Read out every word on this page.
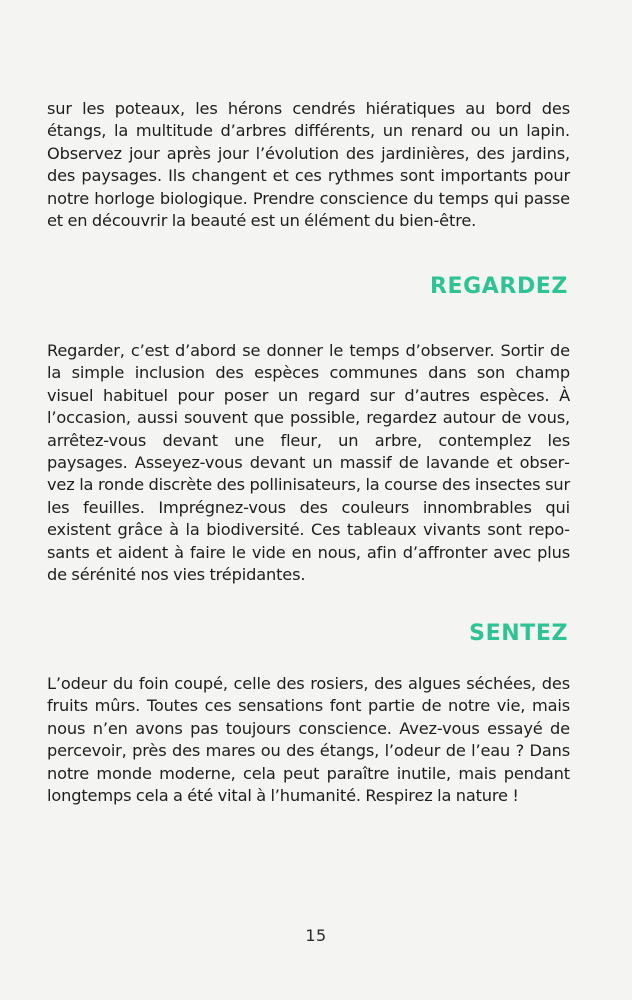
sur les poteaux, les hérons cendrés hiératiques au bord des étangs, la multitude d’arbres différents, un renard ou un lapin. Observez jour après jour l’évolution des jardinières, des jardins, des paysages. Ils changent et ces rythmes sont importants pour notre horloge biologique. Prendre conscience du temps qui passe et en découvrir la beauté est un élément du bien-être.

REGARDEZ

Regarder, c’est d’abord se donner le temps d’observer. Sortir de la simple inclusion des espèces communes dans son champ visuel habituel pour poser un regard sur d’autres espèces. À l’occasion, aussi souvent que possible, regardez autour de vous, arrêtez-vous devant une fleur, un arbre, contemplez les paysages. Asseyez-vous devant un massif de lavande et observez la ronde discrète des pollinisateurs, la course des insectes sur les feuilles. Imprégnez-vous des couleurs innombrables qui existent grâce à la biodiversité. Ces tableaux vivants sont reposants et aident à faire le vide en nous, afin d’affronter avec plus de sérénité nos vies trépidantes.

SENTEZ

L’odeur du foin coupé, celle des rosiers, des algues séchées, des fruits mûrs. Toutes ces sensations font partie de notre vie, mais nous n’en avons pas toujours conscience. Avez-vous essayé de percevoir, près des mares ou des étangs, l’odeur de l’eau ? Dans notre monde moderne, cela peut paraître inutile, mais pendant longtemps cela a été vital à l’humanité. Respirez la nature !

15
